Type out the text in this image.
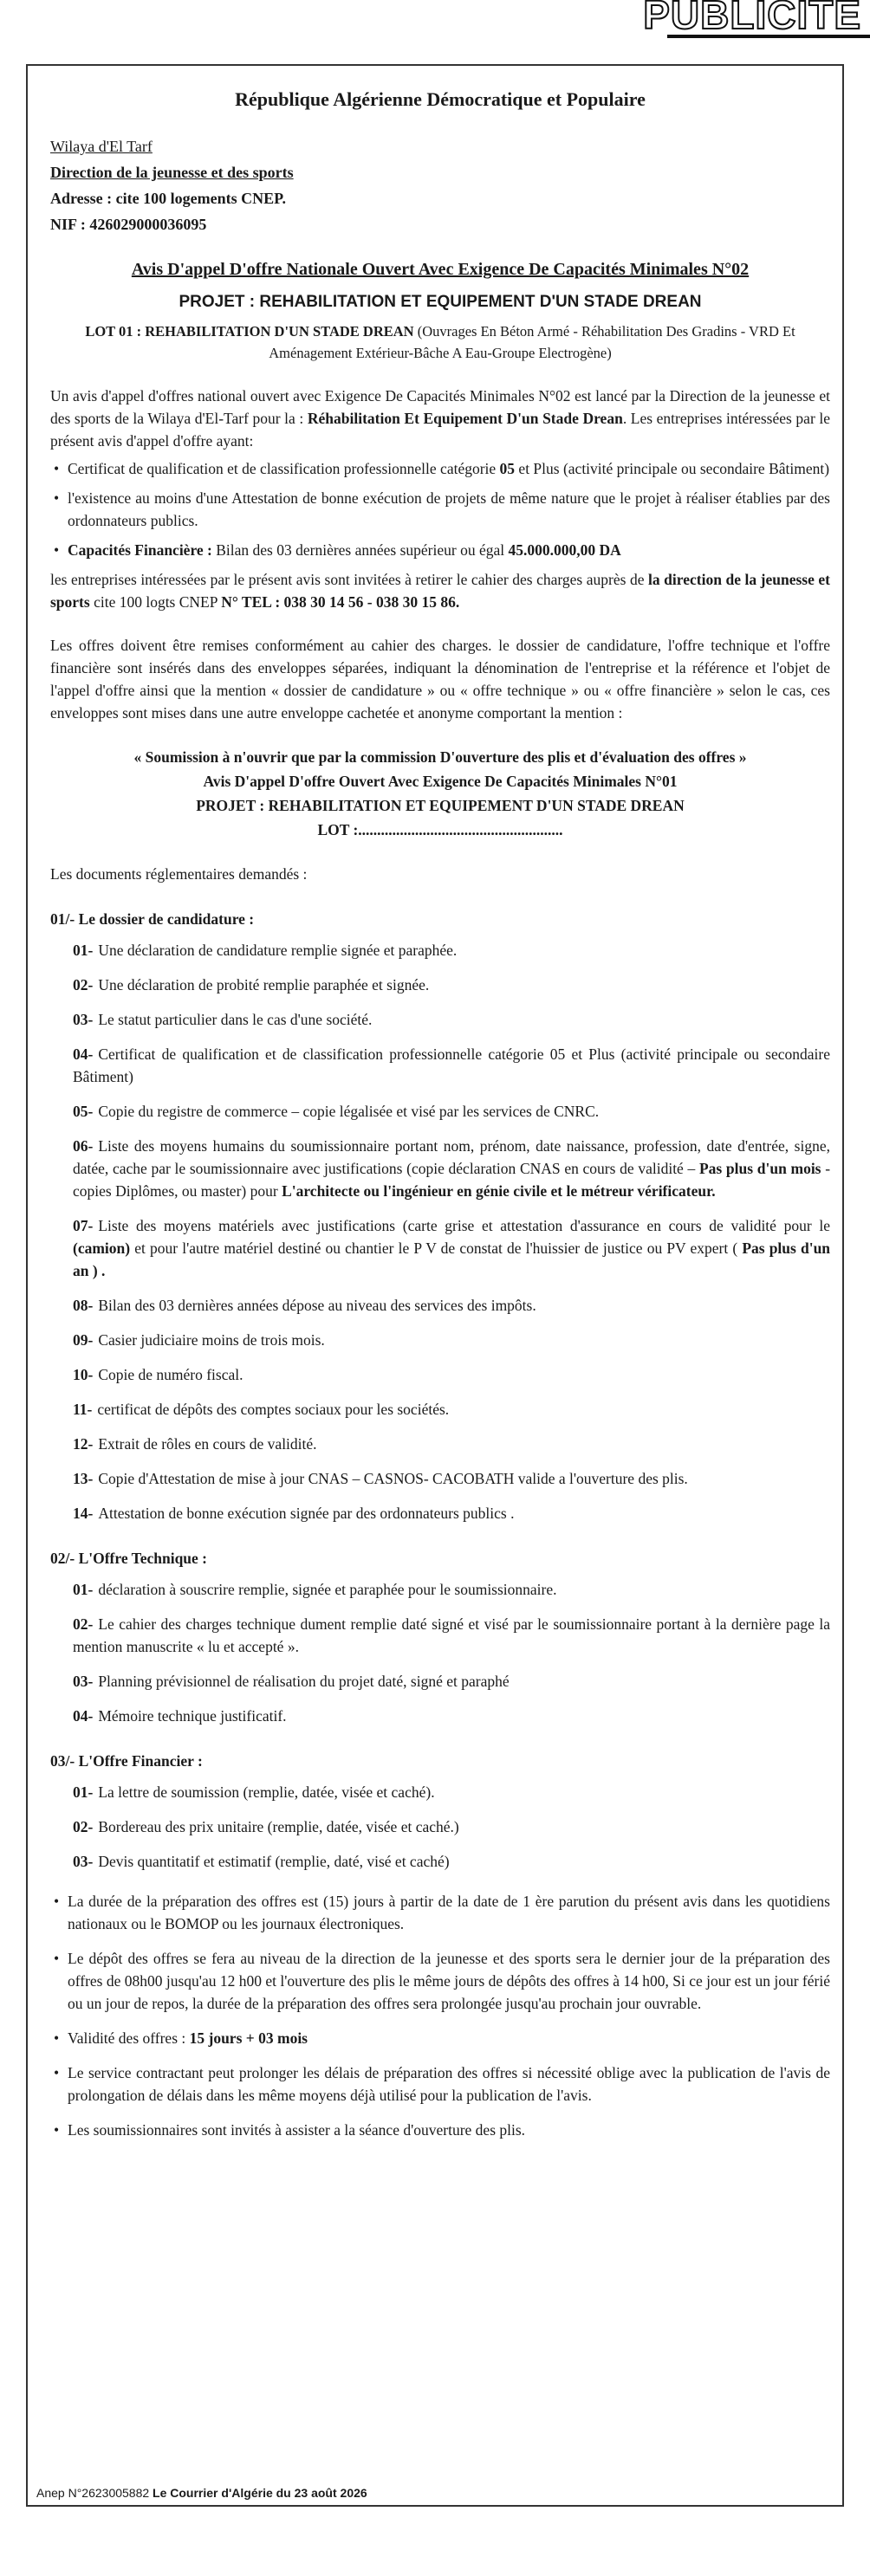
PUBLICITE
République Algérienne Démocratique et Populaire
Wilaya d'El Tarf
Direction de la jeunesse et des sports
Adresse : cite 100 logements CNEP.
NIF : 426029000036095
Avis D'appel D'offre Nationale Ouvert Avec Exigence De Capacités Minimales N°02
PROJET : REHABILITATION ET EQUIPEMENT D'UN STADE DREAN
LOT 01 : REHABILITATION D'UN STADE DREAN (Ouvrages En Béton Armé - Réhabilitation Des Gradins - VRD Et Aménagement Extérieur-Bâche A Eau-Groupe Electrogène)

Un avis d'appel d'offres national ouvert avec Exigence De Capacités Minimales N°02 est lancé par la Direction de la jeunesse et des sports de la Wilaya d'El-Tarf pour la : Réhabilitation Et Equipement D'un Stade Drean. Les entreprises intéressées par le présent avis d'appel d'offre ayant:

• Certificat de qualification et de classification professionnelle catégorie 05 et Plus (activité principale ou secondaire Bâtiment)
• l'existence au moins d'une Attestation de bonne exécution de projets de même nature que le projet à réaliser établies par des ordonnateurs publics.
• Capacités Financière : Bilan des 03 dernières années supérieur ou égal 45.000.000,00 DA

les entreprises intéressées par le présent avis sont invitées à retirer le cahier des charges auprès de la direction de la jeunesse et sports cite 100 logts CNEP N° TEL : 038 30 14 56 - 038 30 15 86.

Les offres doivent être remises conformément au cahier des charges. le dossier de candidature, l'offre technique et l'offre financière sont insérés dans des enveloppes séparées, indiquant la dénomination de l'entreprise et la référence et l'objet de l'appel d'offre ainsi que la mention « dossier de candidature » ou « offre technique » ou « offre financière » selon le cas, ces enveloppes sont mises dans une autre enveloppe cachetée et anonyme comportant la mention :

« Soumission à n'ouvrir que par la commission D'ouverture des plis et d'évaluation des offres »
Avis D'appel D'offre Ouvert Avec Exigence De Capacités Minimales N°01
PROJET : REHABILITATION ET EQUIPEMENT D'UN STADE DREAN
LOT :......................................................

Les documents réglementaires demandés :

01/- Le dossier de candidature :
01- Une déclaration de candidature remplie signée et paraphée.
02- Une déclaration de probité remplie paraphée et signée.
03- Le statut particulier dans le cas d'une société.
04- Certificat de qualification et de classification professionnelle catégorie 05 et Plus (activité principale ou secondaire Bâtiment)
05- Copie du registre de commerce – copie légalisée et visé par les services de CNRC.
06- Liste des moyens humains du soumissionnaire portant nom, prénom, date naissance, profession, date d'entrée, signe, datée, cache par le soumissionnaire avec justifications (copie déclaration CNAS en cours de validité – Pas plus d'un mois - copies Diplômes, ou master) pour L'architecte ou l'ingénieur en génie civile et le métreur vérificateur.
07- Liste des moyens matériels avec justifications (carte grise et attestation d'assurance en cours de validité pour le (camion) et pour l'autre matériel destiné ou chantier le P V de constat de l'huissier de justice ou PV expert ( Pas plus d'un an ) .
08- Bilan des 03 dernières années dépose au niveau des services des impôts.
09- Casier judiciaire moins de trois mois.
10- Copie de numéro fiscal.
11- certificat de dépôts des comptes sociaux pour les sociétés.
12- Extrait de rôles en cours de validité.
13- Copie d'Attestation de mise à jour CNAS – CASNOS- CACOBATH valide a l'ouverture des plis.
14- Attestation de bonne exécution signée par des ordonnateurs publics .
02/- L'Offre Technique :
01- déclaration à souscrire remplie, signée et paraphée pour le soumissionnaire.
02- Le cahier des charges technique dument remplie daté signé et visé par le soumissionnaire portant à la dernière page la mention manuscrite « lu et accepté ».
03- Planning prévisionnel de réalisation du projet daté, signé et paraphé
04- Mémoire technique justificatif.
03/- L'Offre Financier :
01- La lettre de soumission (remplie, datée, visée et caché).
02- Bordereau des prix unitaire (remplie, datée, visée et caché.)
03- Devis quantitatif et estimatif (remplie, daté, visé et caché)
• La durée de la préparation des offres est (15) jours à partir de la date de 1 ère parution du présent avis dans les quotidiens nationaux ou le BOMOP ou les journaux électroniques.
• Le dépôt des offres se fera au niveau de la direction de la jeunesse et des sports sera le dernier jour de la préparation des offres de 08h00 jusqu'au 12 h00 et l'ouverture des plis le même jours de dépôts des offres à 14 h00, Si ce jour est un jour férié ou un jour de repos, la durée de la préparation des offres sera prolongée jusqu'au prochain jour ouvrable.
• Validité des offres : 15 jours + 03 mois
• Le service contractant peut prolonger les délais de préparation des offres si nécessité oblige avec la publication de l'avis de prolongation de délais dans les même moyens déjà utilisé pour la publication de l'avis.
• Les soumissionnaires sont invités à assister a la séance d'ouverture des plis.
Anep N°2623005882 Le Courrier d'Algérie du 23 août 2026
